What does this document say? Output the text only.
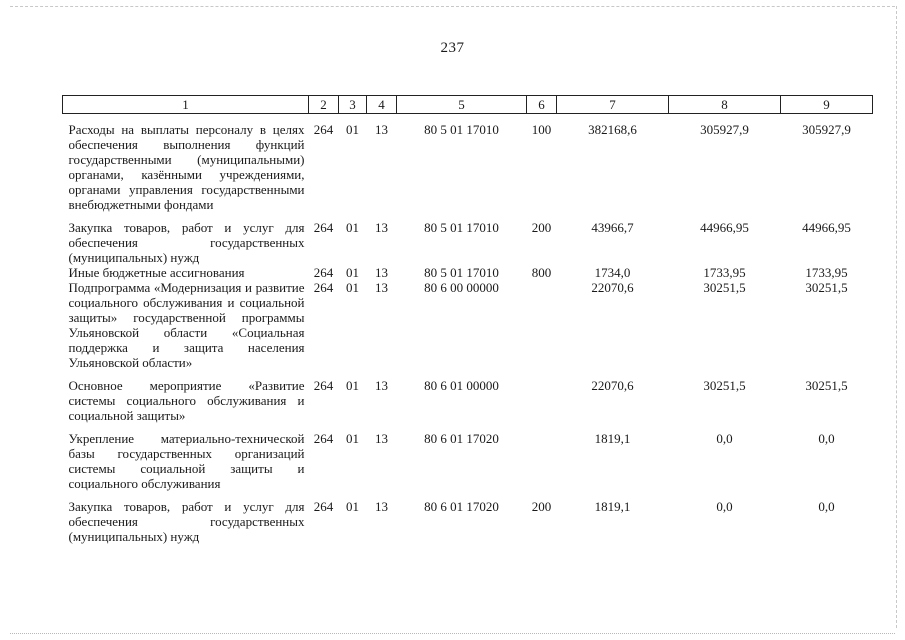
237
1	2	3	4	5	6	7	8	9

Расходы на выплаты персоналу в целях обеспечения выполнения функций государственными (муниципальными) органами, казёнными учреждениями, органами управления государственными внебюджетными фондами	264	01	13	80 5 01 17010	100	382168,6	305927,9	305927,9

Закупка товаров, работ и услуг для обеспечения государственных (муниципальных) нужд	264	01	13	80 5 01 17010	200	43966,7	44966,95	44966,95
Иные бюджетные ассигнования	264	01	13	80 5 01 17010	800	1734,0	1733,95	1733,95
Подпрограмма «Модернизация и развитие социального обслуживания и социальной защиты» государственной программы Ульяновской области «Социальная поддержка и защита населения Ульяновской области»	264	01	13	80 6 00 00000		22070,6	30251,5	30251,5

Основное мероприятие «Развитие системы социального обслуживания и социальной защиты»	264	01	13	80 6 01 00000		22070,6	30251,5	30251,5

Укрепление материально-технической базы государственных организаций системы социальной защиты и социального обслуживания	264	01	13	80 6 01 17020		1819,1	0,0	0,0

Закупка товаров, работ и услуг для обеспечения государственных (муниципальных) нужд	264	01	13	80 6 01 17020	200	1819,1	0,0	0,0
